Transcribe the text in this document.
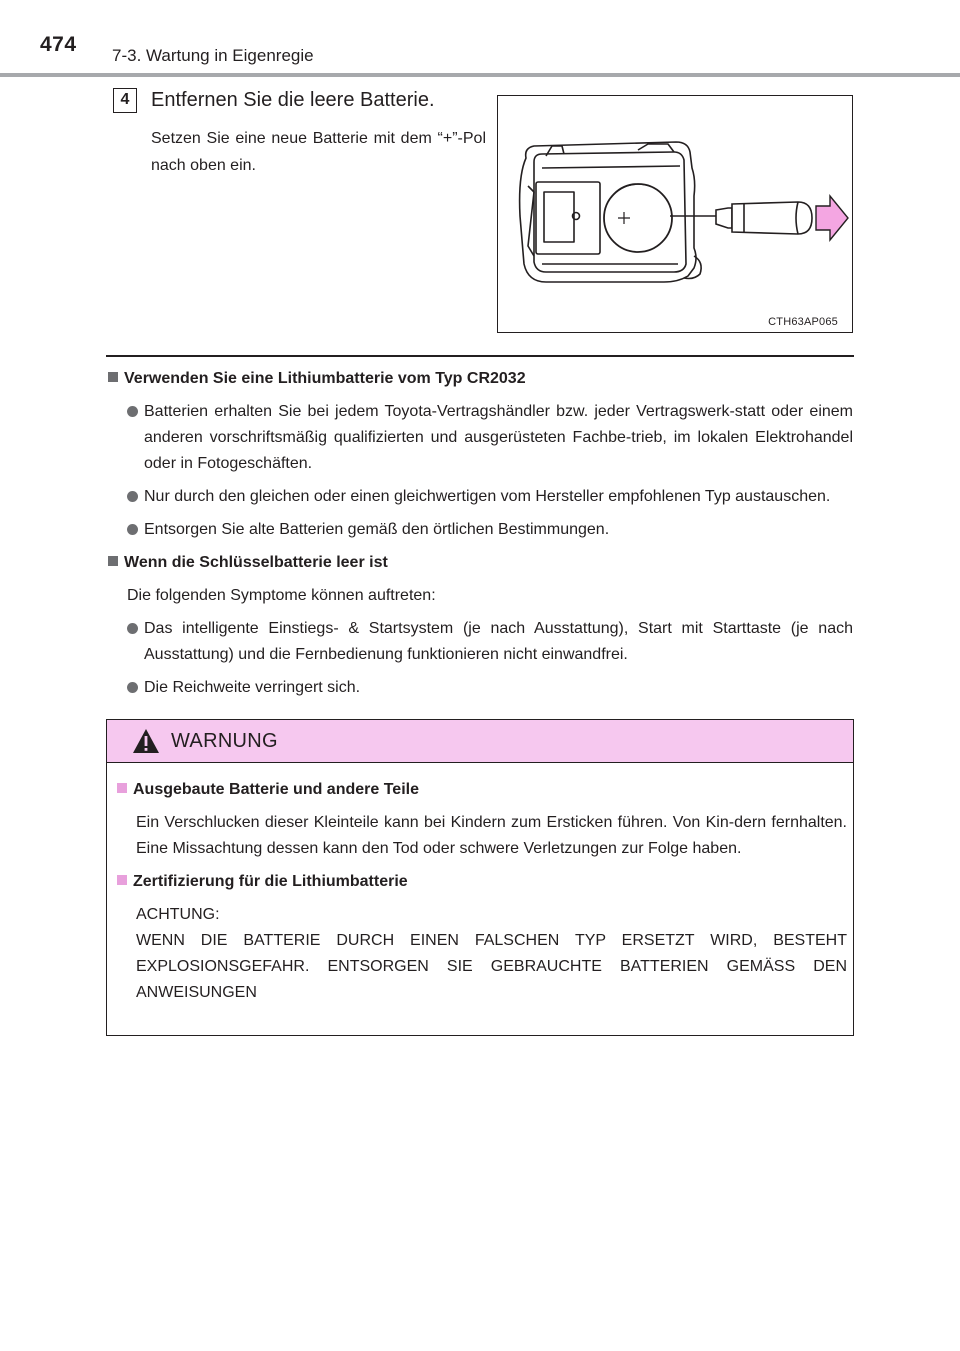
474 7-3. Wartung in Eigenregie
4	Entfernen Sie die leere Batterie.
Setzen Sie eine neue Batterie mit dem “+”-Pol nach oben ein.
CTH63AP065
Verwenden Sie eine Lithiumbatterie vom Typ CR2032
Batterien erhalten Sie bei jedem Toyota-Vertragshändler bzw. jeder Vertragswerk-statt oder einem anderen vorschriftsmäßig qualifizierten und ausgerüsteten Fachbe-trieb, im lokalen Elektrohandel oder in Fotogeschäften.
Nur durch den gleichen oder einen gleichwertigen vom Hersteller empfohlenen Typ austauschen.
Entsorgen Sie alte Batterien gemäß den örtlichen Bestimmungen.
Wenn die Schlüsselbatterie leer ist
Die folgenden Symptome können auftreten:
Das intelligente Einstiegs- & Startsystem (je nach Ausstattung), Start mit Starttaste (je nach Ausstattung) und die Fernbedienung funktionieren nicht einwandfrei.
Die Reichweite verringert sich.
WARNUNG
Ausgebaute Batterie und andere Teile
Ein Verschlucken dieser Kleinteile kann bei Kindern zum Ersticken führen. Von Kin-dern fernhalten. Eine Missachtung dessen kann den Tod oder schwere Verletzungen zur Folge haben.
Zertifizierung für die Lithiumbatterie
ACHTUNG:
WENN DIE BATTERIE DURCH EINEN FALSCHEN TYP ERSETZT WIRD, BESTEHT EXPLOSIONSGEFAHR. ENTSORGEN SIE GEBRAUCHTE BATTERIEN GEMÄSS DEN ANWEISUNGEN
